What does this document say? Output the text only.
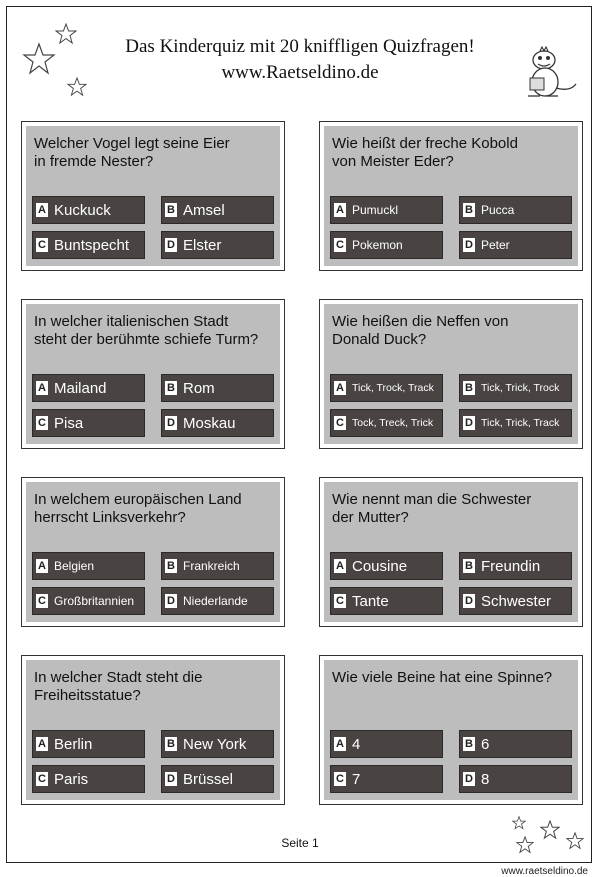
Das Kinderquiz mit 20 kniffligen Quizfragen!
www.Raetseldino.de
Welcher Vogel legt seine Eier
in fremde Nester?
A Kuckuck	B Amsel
C Buntspecht	D Elster
Wie heißt der freche Kobold
von Meister Eder?
A Pumuckl	B Pucca
C Pokemon	D Peter
In welcher italienischen Stadt
steht der berühmte schiefe Turm?
A Mailand	B Rom
C Pisa	D Moskau
Wie heißen die Neffen von
Donald Duck?
A Tick, Trock, Track	B Tick, Trick, Trock
C Tock, Treck, Trick	D Tick, Trick, Track
In welchem europäischen Land
herrscht Linksverkehr?
A Belgien	B Frankreich
C Großbritannien	D Niederlande
Wie nennt man die Schwester
der Mutter?
A Cousine	B Freundin
C Tante	D Schwester
In welcher Stadt steht die
Freiheitsstatue?
A Berlin	B New York
C Paris	D Brüssel
Wie viele Beine hat eine Spinne?
A 4	B 6
C 7	D 8
Seite 1
www.raetseldino.de
